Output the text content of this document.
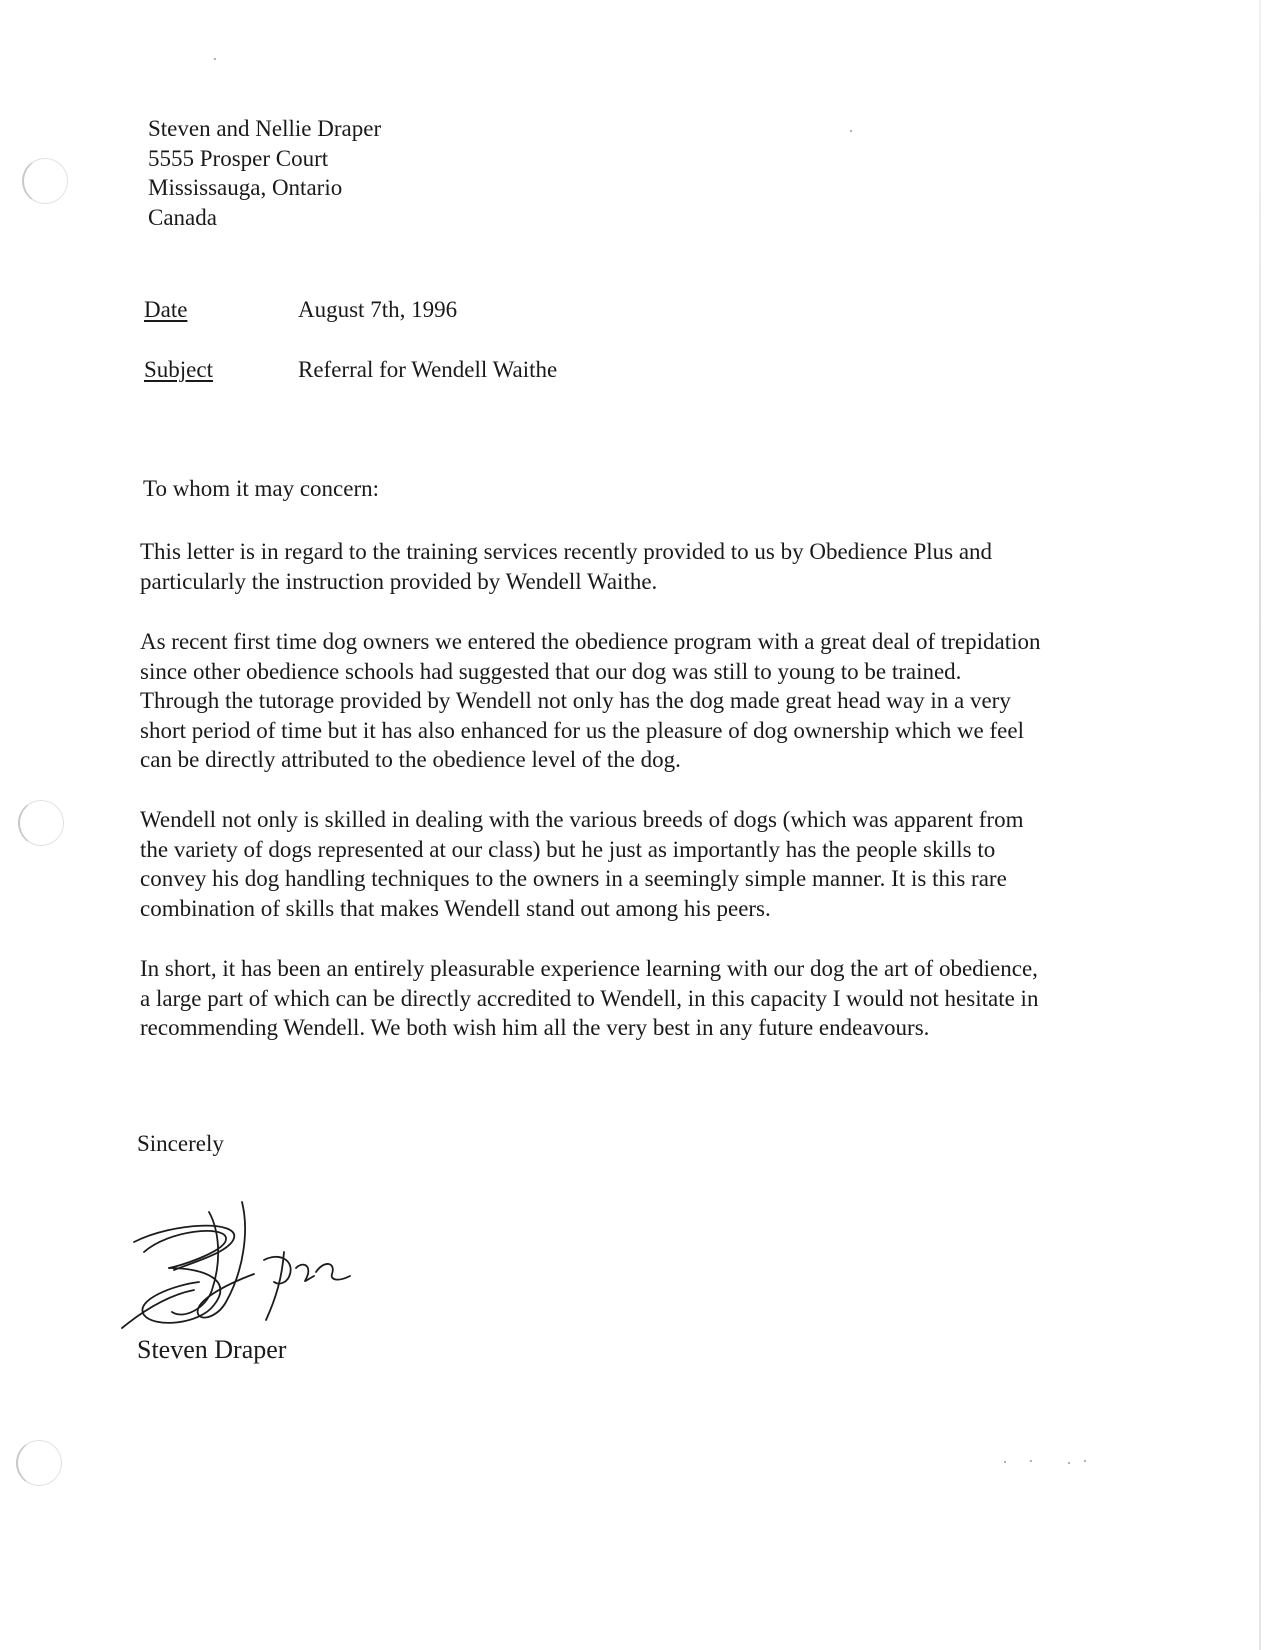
Steven and Nellie Draper
5555 Prosper Court
Mississauga, Ontario
Canada
Date	August 7th, 1996
Subject	Referral for Wendell Waithe
To whom it may concern:
This letter is in regard to the training services recently provided to us by Obedience Plus and
particularly the instruction provided by Wendell Waithe.
As recent first time dog owners we entered the obedience program with a great deal of trepidation
since other obedience schools had suggested that our dog was still to young to be trained.
Through the tutorage provided by Wendell not only has the dog made great head way in a very
short period of time but it has also enhanced for us the pleasure of dog ownership which we feel
can be directly attributed to the obedience level of the dog.
Wendell not only is skilled in dealing with the various breeds of dogs (which was apparent from
the variety of dogs represented at our class) but he just as importantly has the people skills to
convey his dog handling techniques to the owners in a seemingly simple manner. It is this rare
combination of skills that makes Wendell stand out among his peers.
In short, it has been an entirely pleasurable experience learning with our dog the art of obedience,
a large part of which can be directly accredited to Wendell, in this capacity I would not hesitate in
recommending Wendell. We both wish him all the very best in any future endeavours.
Sincerely
Steven Draper
